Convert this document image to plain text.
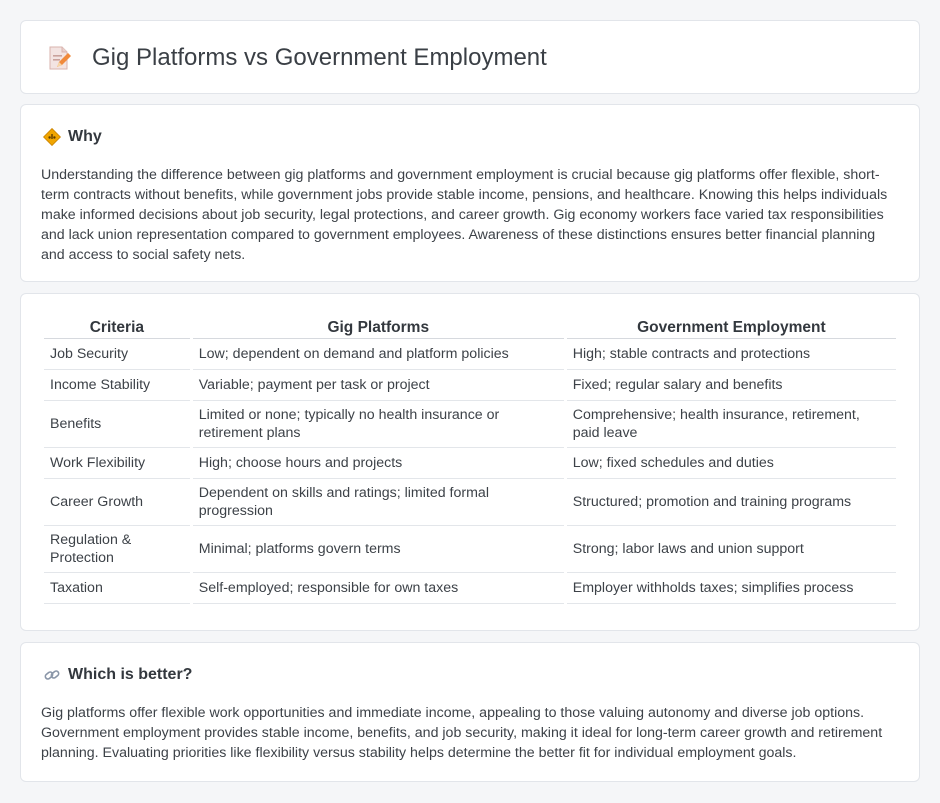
Gig Platforms vs Government Employment
Why

Understanding the difference between gig platforms and government employment is crucial because gig platforms offer flexible, short-term contracts without benefits, while government jobs provide stable income, pensions, and healthcare. Knowing this helps individuals make informed decisions about job security, legal protections, and career growth. Gig economy workers face varied tax responsibilities and lack union representation compared to government employees. Awareness of these distinctions ensures better financial planning and access to social safety nets.

Criteria	Gig Platforms	Government Employment
Job Security	Low; dependent on demand and platform policies	High; stable contracts and protections
Income Stability	Variable; payment per task or project	Fixed; regular salary and benefits
Benefits	Limited or none; typically no health insurance or retirement plans	Comprehensive; health insurance, retirement, paid leave
Work Flexibility	High; choose hours and projects	Low; fixed schedules and duties
Career Growth	Dependent on skills and ratings; limited formal progression	Structured; promotion and training programs
Regulation & Protection	Minimal; platforms govern terms	Strong; labor laws and union support
Taxation	Self-employed; responsible for own taxes	Employer withholds taxes; simplifies process
Which is better?

Gig platforms offer flexible work opportunities and immediate income, appealing to those valuing autonomy and diverse job options. Government employment provides stable income, benefits, and job security, making it ideal for long-term career growth and retirement planning. Evaluating priorities like flexibility versus stability helps determine the better fit for individual employment goals.
